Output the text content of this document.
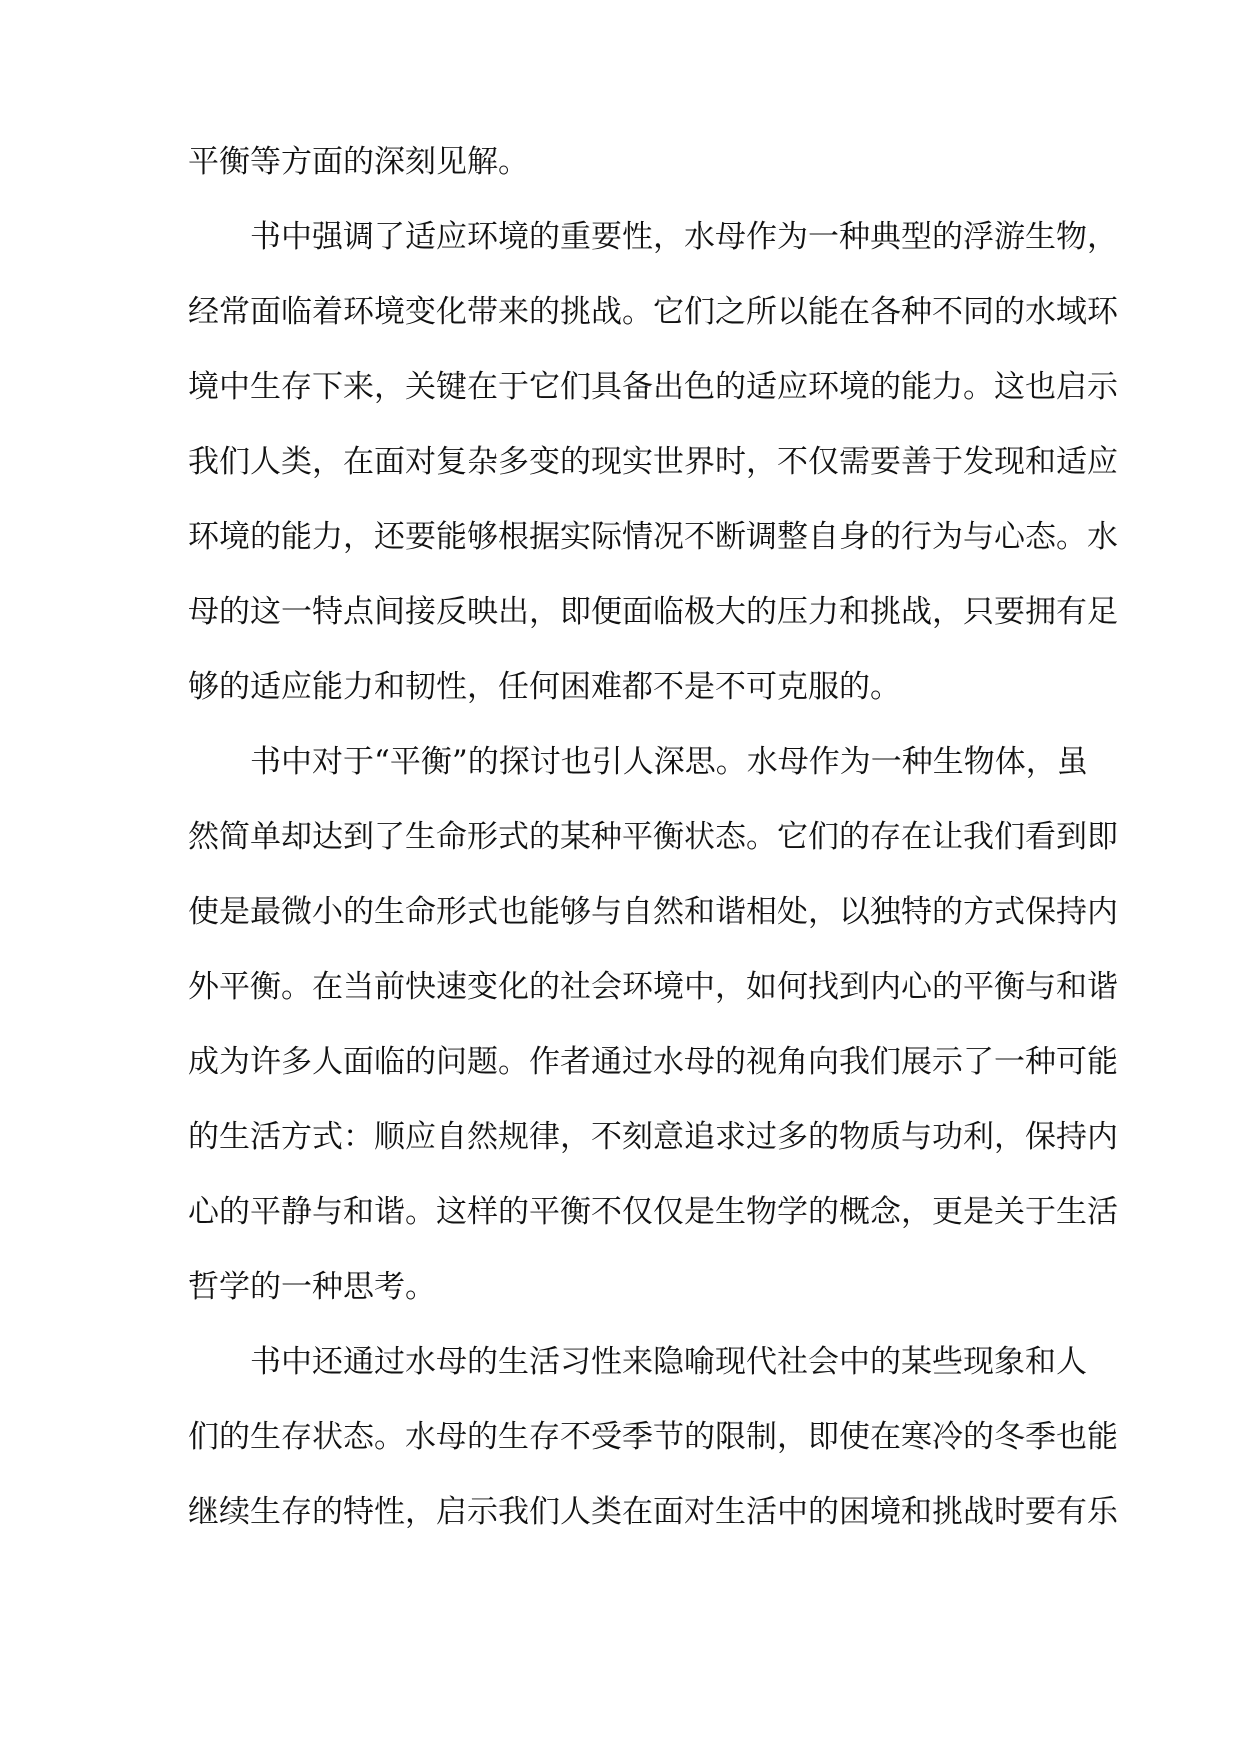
平衡等方面的深刻见解。
书中强调了适应环境的重要性，水母作为一种典型的浮游生物，
经常面临着环境变化带来的挑战。它们之所以能在各种不同的水域环
境中生存下来，关键在于它们具备出色的适应环境的能力。这也启示
我们人类，在面对复杂多变的现实世界时，不仅需要善于发现和适应
环境的能力，还要能够根据实际情况不断调整自身的行为与心态。水
母的这一特点间接反映出，即便面临极大的压力和挑战，只要拥有足
够的适应能力和韧性，任何困难都不是不可克服的。
书中对于“平衡”的探讨也引人深思。水母作为一种生物体，虽
然简单却达到了生命形式的某种平衡状态。它们的存在让我们看到即
使是最微小的生命形式也能够与自然和谐相处，以独特的方式保持内
外平衡。在当前快速变化的社会环境中，如何找到内心的平衡与和谐
成为许多人面临的问题。作者通过水母的视角向我们展示了一种可能
的生活方式：顺应自然规律，不刻意追求过多的物质与功利，保持内
心的平静与和谐。这样的平衡不仅仅是生物学的概念，更是关于生活
哲学的一种思考。
书中还通过水母的生活习性来隐喻现代社会中的某些现象和人
们的生存状态。水母的生存不受季节的限制，即使在寒冷的冬季也能
继续生存的特性，启示我们人类在面对生活中的困境和挑战时要有乐
